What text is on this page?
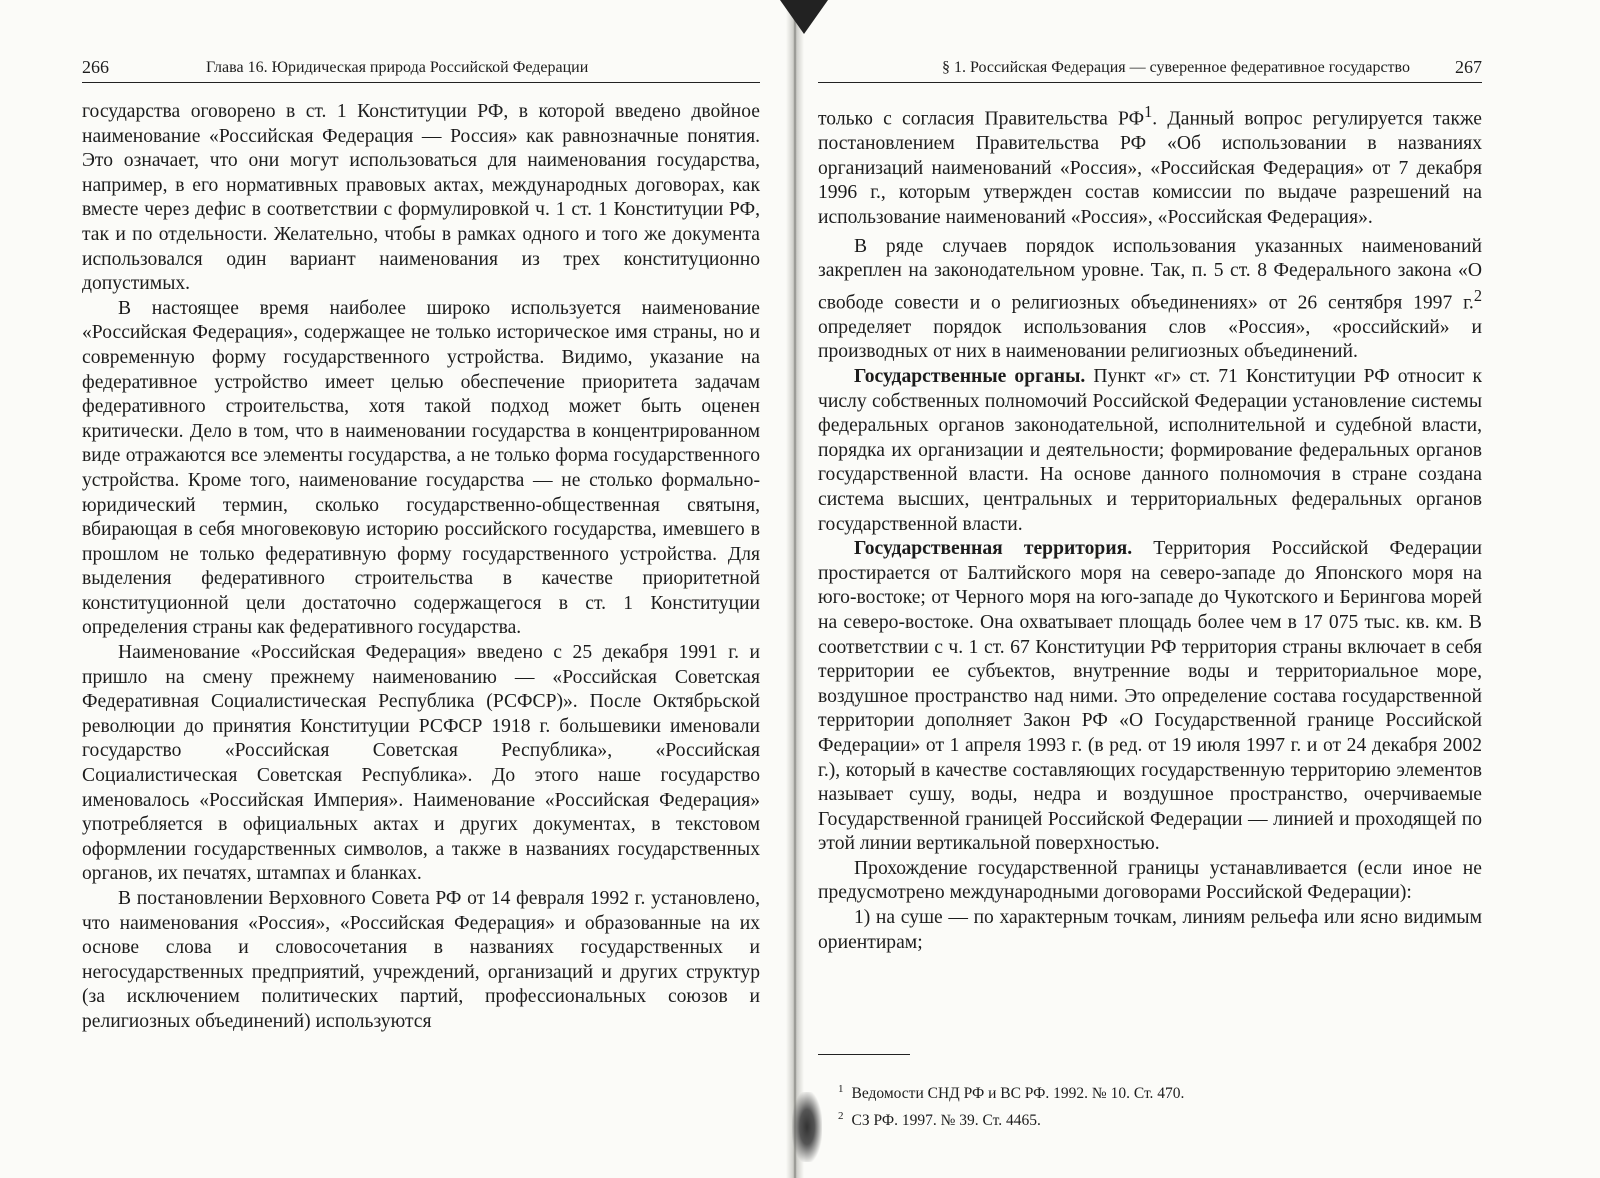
266	Глава 16. Юридическая природа Российской Федерации

государства оговорено в ст. 1 Конституции РФ, в которой введено двойное наименование «Российская Федерация — Россия» как равнозначные понятия. Это означает, что они могут использоваться для наименования государства, например, в его нормативных правовых актах, международных договорах, как вместе через дефис в соответствии с формулировкой ч. 1 ст. 1 Конституции РФ, так и по отдельности. Желательно, чтобы в рамках одного и того же документа использовался один вариант наименования из трех конституционно допустимых.

В настоящее время наиболее широко используется наименование «Российская Федерация», содержащее не только историческое имя страны, но и современную форму государственного устройства. Видимо, указание на федеративное устройство имеет целью обеспечение приоритета задачам федеративного строительства, хотя такой подход может быть оценен критически. Дело в том, что в наименовании государства в концентрированном виде отражаются все элементы государства, а не только форма государственного устройства. Кроме того, наименование государства — не столько формально-юридический термин, сколько государственно-общественная святыня, вбирающая в себя многовековую историю российского государства, имевшего в прошлом не только федеративную форму государственного устройства. Для выделения федеративного строительства в качестве приоритетной конституционной цели достаточно содержащегося в ст. 1 Конституции определения страны как федеративного государства.

Наименование «Российская Федерация» введено с 25 декабря 1991 г. и пришло на смену прежнему наименованию — «Российская Советская Федеративная Социалистическая Республика (РСФСР)». После Октябрьской революции до принятия Конституции РСФСР 1918 г. большевики именовали государство «Российская Советская Республика», «Российская Социалистическая Советская Республика». До этого наше государство именовалось «Российская Империя». Наименование «Российская Федерация» употребляется в официальных актах и других документах, в текстовом оформлении государственных символов, а также в названиях государственных органов, их печатях, штампах и бланках.

В постановлении Верховного Совета РФ от 14 февраля 1992 г. установлено, что наименования «Россия», «Российская Федерация» и образованные на их основе слова и словосочетания в названиях государственных и негосударственных предприятий, учреждений, организаций и других структур (за исключением политических партий, профессиональных союзов и религиозных объединений) используются

§ 1. Российская Федерация — суверенное федеративное государство	267

только с согласия Правительства $РФ^1$. Данный вопрос регулируется также постановлением Правительства РФ «Об использовании в названиях организаций наименований «Россия», «Российская Федерация» от 7 декабря 1996 г., которым утвержден состав комиссии по выдаче разрешений на использование наименований «Россия», «Российская Федерация».

В ряде случаев порядок использования указанных наименований закреплен на законодательном уровне. Так, п. 5 ст. 8 Федерального закона «О свободе совести и о религиозных объединениях» от 26 сентября 1997 г.$^2$ определяет порядок использования слов «Россия», «российский» и производных от них в наименовании религиозных объединений.

Государственные органы. Пункт «г» ст. 71 Конституции РФ относит к числу собственных полномочий Российской Федерации установление системы федеральных органов законодательной, исполнительной и судебной власти, порядка их организации и деятельности; формирование федеральных органов государственной власти. На основе данного полномочия в стране создана система высших, центральных и территориальных федеральных органов государственной власти.

Государственная территория. Территория Российской Федерации простирается от Балтийского моря на северо-западе до Японского моря на юго-востоке; от Черного моря на юго-западе до Чукотского и Берингова морей на северо-востоке. Она охватывает площадь более чем в 17 075 тыс. кв. км. В соответствии с ч. 1 ст. 67 Конституции РФ территория страны включает в себя территории ее субъектов, внутренние воды и территориальное море, воздушное пространство над ними. Это определение состава государственной территории дополняет Закон РФ «О Государственной границе Российской Федерации» от 1 апреля 1993 г. (в ред. от 19 июля 1997 г. и от 24 декабря 2002 г.), который в качестве составляющих государственную территорию элементов называет сушу, воды, недра и воздушное пространство, очерчиваемые Государственной границей Российской Федерации — линией и проходящей по этой линии вертикальной поверхностью.

Прохождение государственной границы устанавливается (если иное не предусмотрено международными договорами Российской Федерации):

1) на суше — по характерным точкам, линиям рельефа или ясно видимым ориентирам;

$^1$ Ведомости СНД РФ и ВС РФ. 1992. № 10. Ст. 470.
$^2$ СЗ РФ. 1997. № 39. Ст. 4465.
